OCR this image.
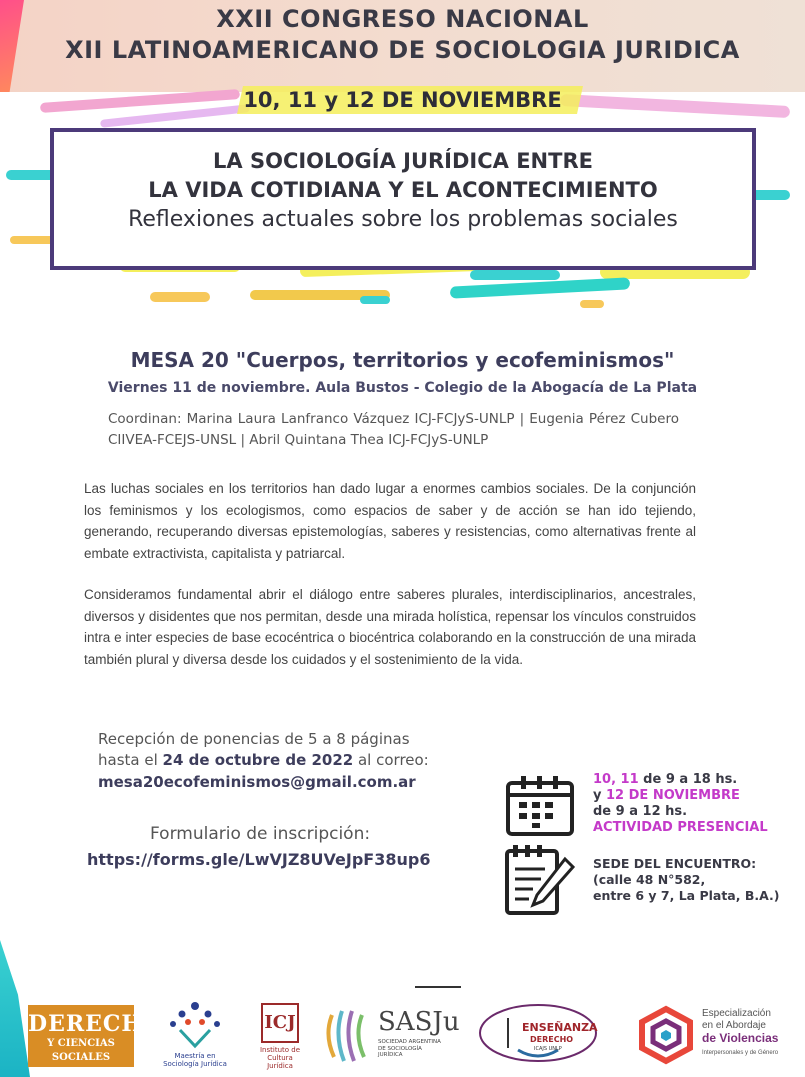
XXII CONGRESO NACIONAL
XII LATINOAMERICANO DE SOCIOLOGIA JURIDICA
10, 11 y 12 DE NOVIEMBRE
LA SOCIOLOGÍA JURÍDICA ENTRE
LA VIDA COTIDIANA Y EL ACONTECIMIENTO
Reflexiones actuales sobre los problemas sociales
MESA 20 "Cuerpos, territorios y ecofeminismos"
Viernes 11 de noviembre. Aula Bustos - Colegio de la Abogacía de La Plata
Coordinan: Marina Laura Lanfranco Vázquez ICJ-FCJyS-UNLP | Eugenia Pérez Cubero CIIVEA-FCEJS-UNSL | Abril Quintana Thea ICJ-FCJyS-UNLP
Las luchas sociales en los territorios han dado lugar a enormes cambios sociales. De la conjunción los feminismos y los ecologismos, como espacios de saber y de acción se han ido tejiendo, generando, recuperando diversas epistemologías, saberes y resistencias, como alternativas frente al embate extractivista, capitalista y patriarcal.
Consideramos fundamental abrir el diálogo entre saberes plurales, interdisciplinarios, ancestrales, diversos y disidentes que nos permitan, desde una mirada holística, repensar los vínculos construidos intra e inter especies de base ecocéntrica o biocéntrica colaborando en la construcción de una mirada también plural y diversa desde los cuidados y el sostenimiento de la vida.
Recepción de ponencias de 5 a 8 páginas
hasta el 24 de octubre de 2022 al correo:
mesa20ecofeminismos@gmail.com.ar
Formulario de inscripción:
https://forms.gle/LwVJZ8UVeJpF38up6
10, 11 de 9 a 18 hs.
y 12 DE NOVIEMBRE
de 9 a 12 hs.
ACTIVIDAD PRESENCIAL
SEDE DEL ENCUENTRO:
(calle 48 N°582,
entre 6 y 7, La Plata, B.A.)
DERECHO
Y CIENCIAS SOCIALES	Maestría en Sociología Jurídica
ICJ
Instituto de Cultura Jurídica
SASJu
SOCIEDAD ARGENTINA DE SOCIOLOGÍA JURÍDICA
ENSEÑANZA
DERECHO
ICAJS UNLP
Especialización
en el Abordaje
de Violencias
Interpersonales y de Género
